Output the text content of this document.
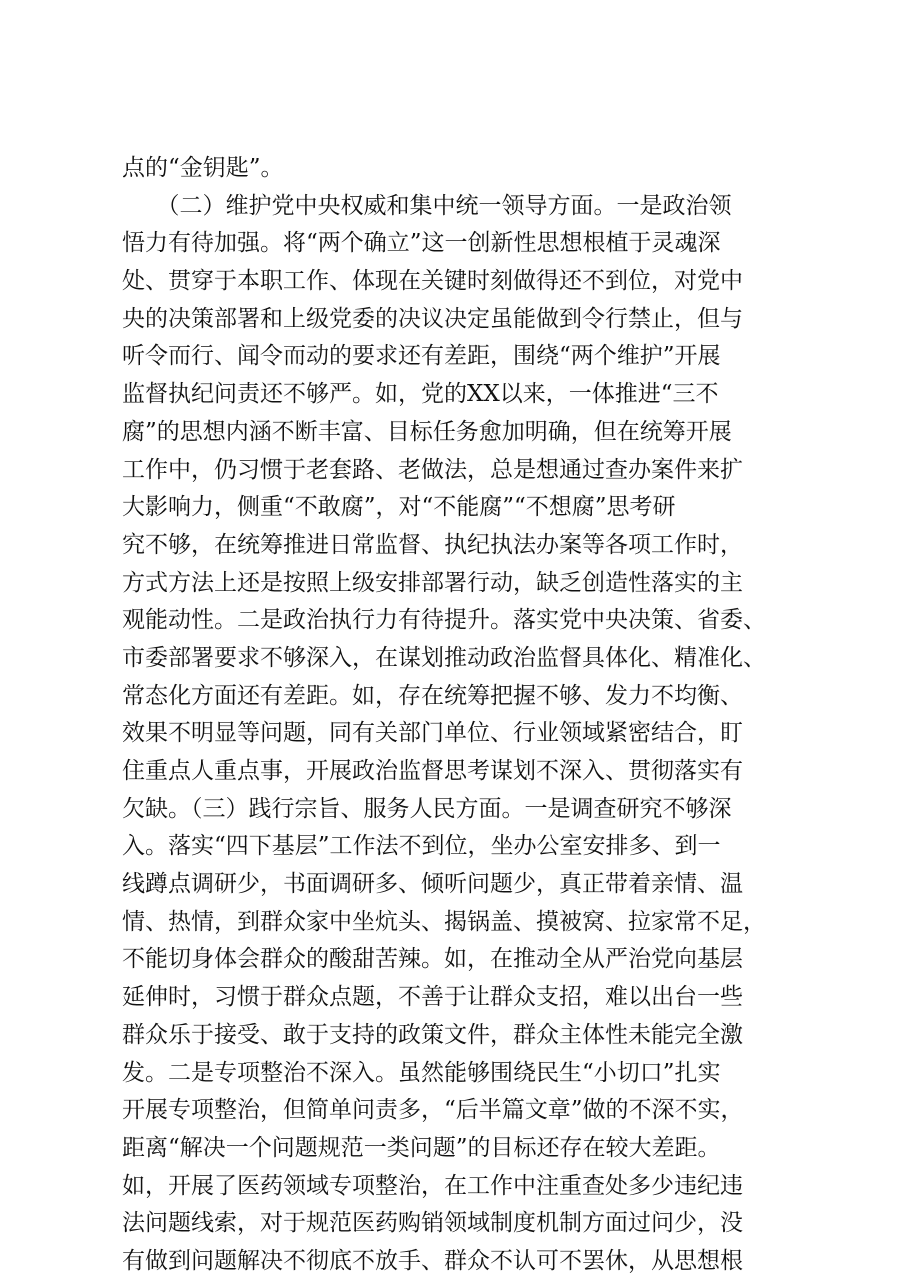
点的“金钥匙”。
　　（二）维护党中央权威和集中统一领导方面。一是政治领
悟力有待加强。将“两个确立”这一创新性思想根植于灵魂深
处、贯穿于本职工作、体现在关键时刻做得还不到位，对党中
央的决策部署和上级党委的决议决定虽能做到令行禁止，但与
听令而行、闻令而动的要求还有差距，围绕“两个维护”开展
监督执纪问责还不够严。如，党的XX以来，一体推进“三不
腐”的思想内涵不断丰富、目标任务愈加明确，但在统筹开展
工作中，仍习惯于老套路、老做法，总是想通过查办案件来扩
大影响力，侧重“不敢腐”，对“不能腐”“不想腐”思考研
究不够，在统筹推进日常监督、执纪执法办案等各项工作时，
方式方法上还是按照上级安排部署行动，缺乏创造性落实的主
观能动性。二是政治执行力有待提升。落实党中央决策、省委、
市委部署要求不够深入，在谋划推动政治监督具体化、精准化、
常态化方面还有差距。如，存在统筹把握不够、发力不均衡、
效果不明显等问题，同有关部门单位、行业领域紧密结合，盯
住重点人重点事，开展政治监督思考谋划不深入、贯彻落实有
欠缺。（三）践行宗旨、服务人民方面。一是调查研究不够深
入。落实“四下基层”工作法不到位，坐办公室安排多、到一
线蹲点调研少，书面调研多、倾听问题少，真正带着亲情、温
情、热情，到群众家中坐炕头、揭锅盖、摸被窝、拉家常不足，
不能切身体会群众的酸甜苦辣。如，在推动全从严治党向基层
延伸时，习惯于群众点题，不善于让群众支招，难以出台一些
群众乐于接受、敢于支持的政策文件，群众主体性未能完全激
发。二是专项整治不深入。虽然能够围绕民生“小切口”扎实
开展专项整治，但简单问责多，“后半篇文章”做的不深不实，
距离“解决一个问题规范一类问题”的目标还存在较大差距。
如，开展了医药领域专项整治，在工作中注重查处多少违纪违
法问题线索，对于规范医药购销领域制度机制方面过问少，没
有做到问题解决不彻底不放手、群众不认可不罢休，从思想根
